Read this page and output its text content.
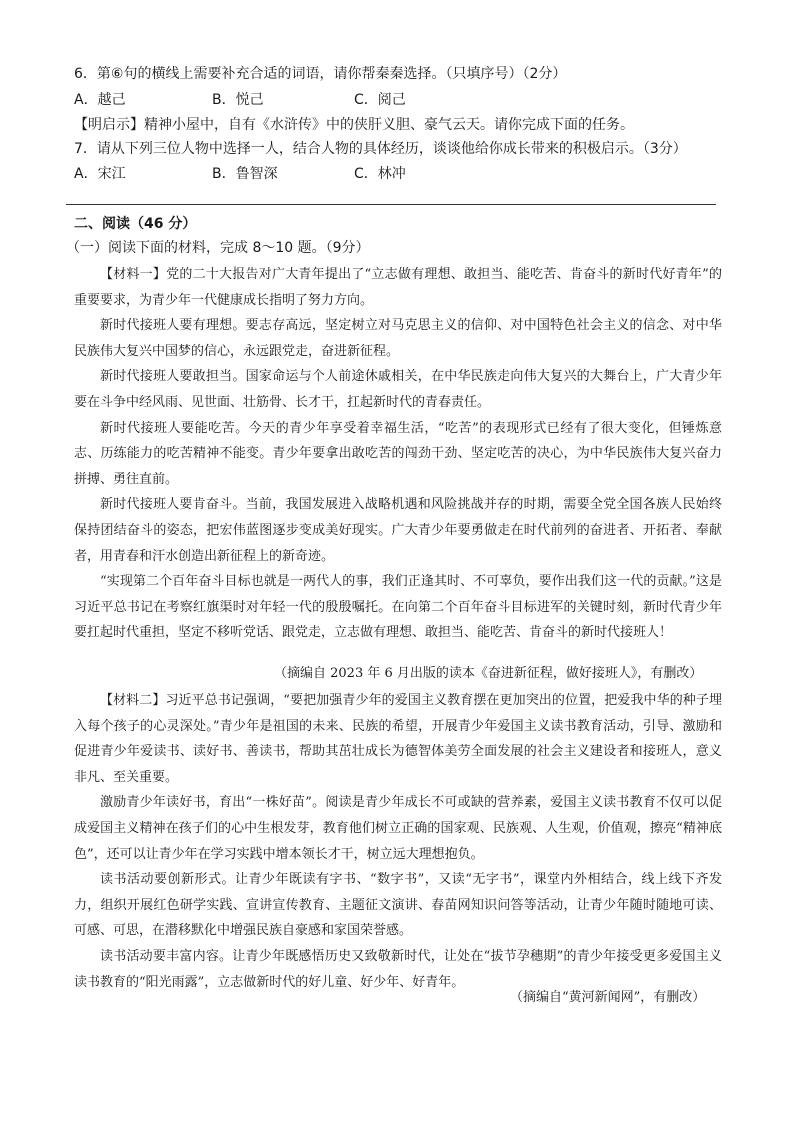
6．第⑥句的横线上需要补充合适的词语，请你帮秦秦选择。（只填序号）（2分）
A．越己	B．悦己	C．阅己
【明启示】精神小屋中，自有《水浒传》中的侠肝义胆、豪气云天。请你完成下面的任务。
7．请从下列三位人物中选择一人，结合人物的具体经历，谈谈他给你成长带来的积极启示。（3分）
A．宋江	B．鲁智深	C．林冲
二、阅读（46 分）
（一）阅读下面的材料，完成 8～10 题。（9分）

【材料一】党的二十大报告对广大青年提出了“立志做有理想、敢担当、能吃苦、肯奋斗的新时代好青年”的重要要求，为青少年一代健康成长指明了努力方向。

新时代接班人要有理想。要志存高远，坚定树立对马克思主义的信仰、对中国特色社会主义的信念、对中华民族伟大复兴中国梦的信心，永远跟党走，奋进新征程。

新时代接班人要敢担当。国家命运与个人前途休戚相关，在中华民族走向伟大复兴的大舞台上，广大青少年要在斗争中经风雨、见世面、壮筋骨、长才干，扛起新时代的青春责任。

新时代接班人要能吃苦。今天的青少年享受着幸福生活，“吃苦”的表现形式已经有了很大变化，但锤炼意志、历练能力的吃苦精神不能变。青少年要拿出敢吃苦的闯劲干劲、坚定吃苦的决心，为中华民族伟大复兴奋力拼搏、勇往直前。

新时代接班人要肯奋斗。当前，我国发展进入战略机遇和风险挑战并存的时期，需要全党全国各族人民始终保持团结奋斗的姿态，把宏伟蓝图逐步变成美好现实。广大青少年要勇做走在时代前列的奋进者、开拓者、奉献者，用青春和汗水创造出新征程上的新奇迹。

“实现第二个百年奋斗目标也就是一两代人的事，我们正逢其时、不可辜负，要作出我们这一代的贡献。”这是习近平总书记在考察红旗渠时对年轻一代的殷殷嘱托。在向第二个百年奋斗目标进军的关键时刻，新时代青少年要扛起时代重担，坚定不移听党话、跟党走，立志做有理想、敢担当、能吃苦、肯奋斗的新时代接班人！

（摘编自 2023 年 6 月出版的读本《奋进新征程，做好接班人》，有删改）

【材料二】习近平总书记强调，“要把加强青少年的爱国主义教育摆在更加突出的位置，把爱我中华的种子埋入每个孩子的心灵深处。”青少年是祖国的未来、民族的希望，开展青少年爱国主义读书教育活动，引导、激励和促进青少年爱读书、读好书、善读书，帮助其茁壮成长为德智体美劳全面发展的社会主义建设者和接班人，意义非凡、至关重要。

激励青少年读好书，育出“一株好苗”。阅读是青少年成长不可或缺的营养素，爱国主义读书教育不仅可以促成爱国主义精神在孩子们的心中生根发芽，教育他们树立正确的国家观、民族观、人生观，价值观，擦亮“精神底色”，还可以让青少年在学习实践中增本领长才干，树立远大理想抱负。

读书活动要创新形式。让青少年既读有字书、“数字书”，又读“无字书”，课堂内外相结合，线上线下齐发力，组织开展红色研学实践、宣讲宣传教育、主题征文演讲、春苗网知识问答等活动，让青少年随时随地可读、可感、可思，在潜移默化中增强民族自豪感和家国荣誉感。

读书活动要丰富内容。让青少年既感悟历史又致敬新时代，让处在“拔节孕穗期”的青少年接受更多爱国主义读书教育的“阳光雨露”，立志做新时代的好儿童、好少年、好青年。

（摘编自“黄河新闻网”，有删改）
